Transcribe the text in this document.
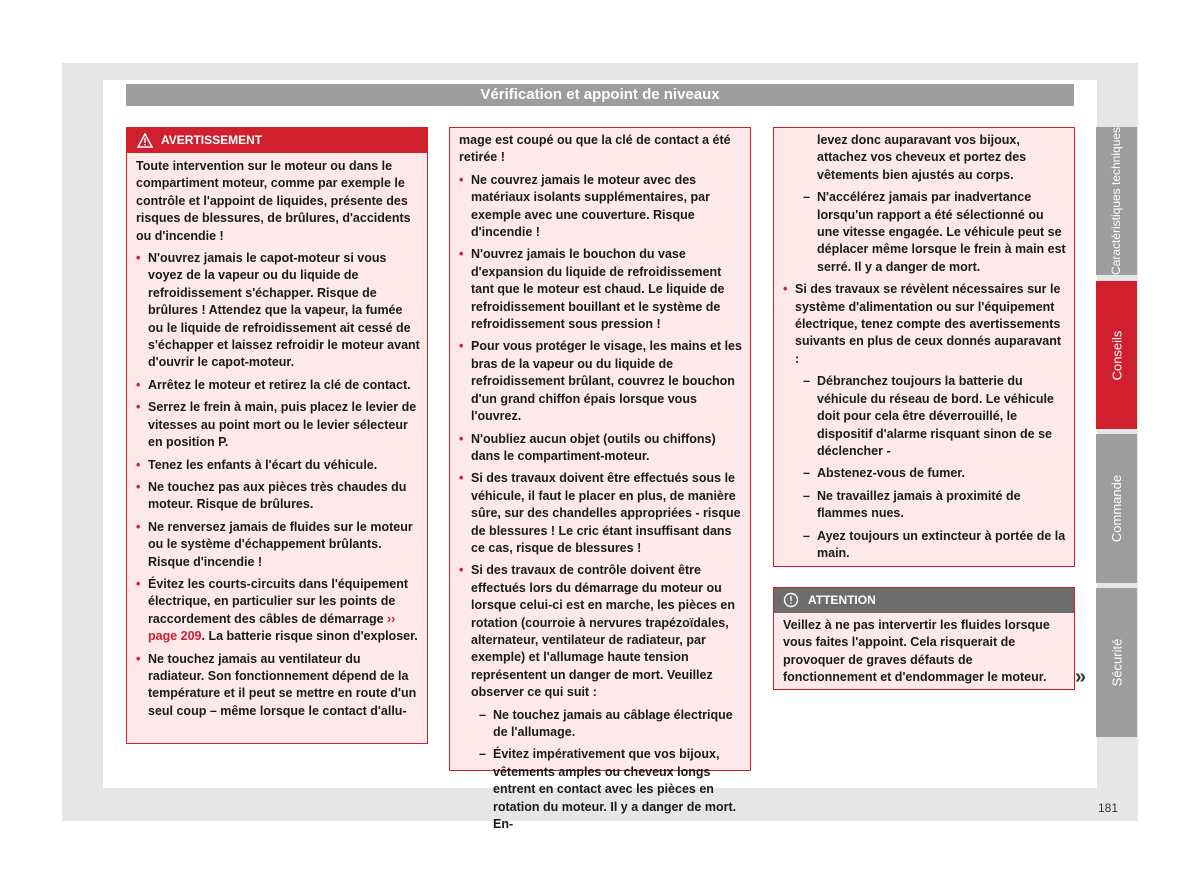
Vérification et appoint de niveaux
AVERTISSEMENT

Toute intervention sur le moteur ou dans le compartiment moteur, comme par exemple le contrôle et l'appoint de liquides, présente des risques de blessures, de brûlures, d'accidents ou d'incendie !

• N'ouvrez jamais le capot-moteur si vous voyez de la vapeur ou du liquide de refroidissement s'échapper. Risque de brûlures ! Attendez que la vapeur, la fumée ou le liquide de refroidissement ait cessé de s'échapper et laissez refroidir le moteur avant d'ouvrir le capot-moteur.

• Arrêtez le moteur et retirez la clé de contact.

• Serrez le frein à main, puis placez le levier de vitesses au point mort ou le levier sélecteur en position P.

• Tenez les enfants à l'écart du véhicule.

• Ne touchez pas aux pièces très chaudes du moteur. Risque de brûlures.

• Ne renversez jamais de fluides sur le moteur ou le système d'échappement brûlants. Risque d'incendie !

• Évitez les courts-circuits dans l'équipement électrique, en particulier sur les points de raccordement des câbles de démarrage ›› page 209. La batterie risque sinon d'exploser.

• Ne touchez jamais au ventilateur du radiateur. Son fonctionnement dépend de la température et il peut se mettre en route d'un seul coup – même lorsque le contact d'allu-

mage est coupé ou que la clé de contact a été retirée !

• Ne couvrez jamais le moteur avec des matériaux isolants supplémentaires, par exemple avec une couverture. Risque d'incendie !

• N'ouvrez jamais le bouchon du vase d'expansion du liquide de refroidissement tant que le moteur est chaud. Le liquide de refroidissement bouillant et le système de refroidissement sous pression !

• Pour vous protéger le visage, les mains et les bras de la vapeur ou du liquide de refroidissement brûlant, couvrez le bouchon d'un grand chiffon épais lorsque vous l'ouvrez.

• N'oubliez aucun objet (outils ou chiffons) dans le compartiment-moteur.

• Si des travaux doivent être effectués sous le véhicule, il faut le placer en plus, de manière sûre, sur des chandelles appropriées - risque de blessures ! Le cric étant insuffisant dans ce cas, risque de blessures !

• Si des travaux de contrôle doivent être effectués lors du démarrage du moteur ou lorsque celui-ci est en marche, les pièces en rotation (courroie à nervures trapézoïdales, alternateur, ventilateur de radiateur, par exemple) et l'allumage haute tension représentent un danger de mort. Veuillez observer ce qui suit :

– Ne touchez jamais au câblage électrique de l'allumage.

– Évitez impérativement que vos bijoux, vêtements amples ou cheveux longs entrent en contact avec les pièces en rotation du moteur. Il y a danger de mort. En-

levez donc auparavant vos bijoux, attachez vos cheveux et portez des vêtements bien ajustés au corps.

– N'accélérez jamais par inadvertance lorsqu'un rapport a été sélectionné ou une vitesse engagée. Le véhicule peut se déplacer même lorsque le frein à main est serré. Il y a danger de mort.

• Si des travaux se révèlent nécessaires sur le système d'alimentation ou sur l'équipement électrique, tenez compte des avertissements suivants en plus de ceux donnés auparavant :

– Débranchez toujours la batterie du véhicule du réseau de bord. Le véhicule doit pour cela être déverrouillé, le dispositif d'alarme risquant sinon de se déclencher -

– Abstenez-vous de fumer.

– Ne travaillez jamais à proximité de flammes nues.

– Ayez toujours un extincteur à portée de la main.

ATTENTION
Veillez à ne pas intervertir les fluides lorsque vous faites l'appoint. Cela risquerait de provoquer de graves défauts de fonctionnement et d'endommager le moteur.	»
Caractéristiques techniques
Conseils
Commande
Sécurité
181
